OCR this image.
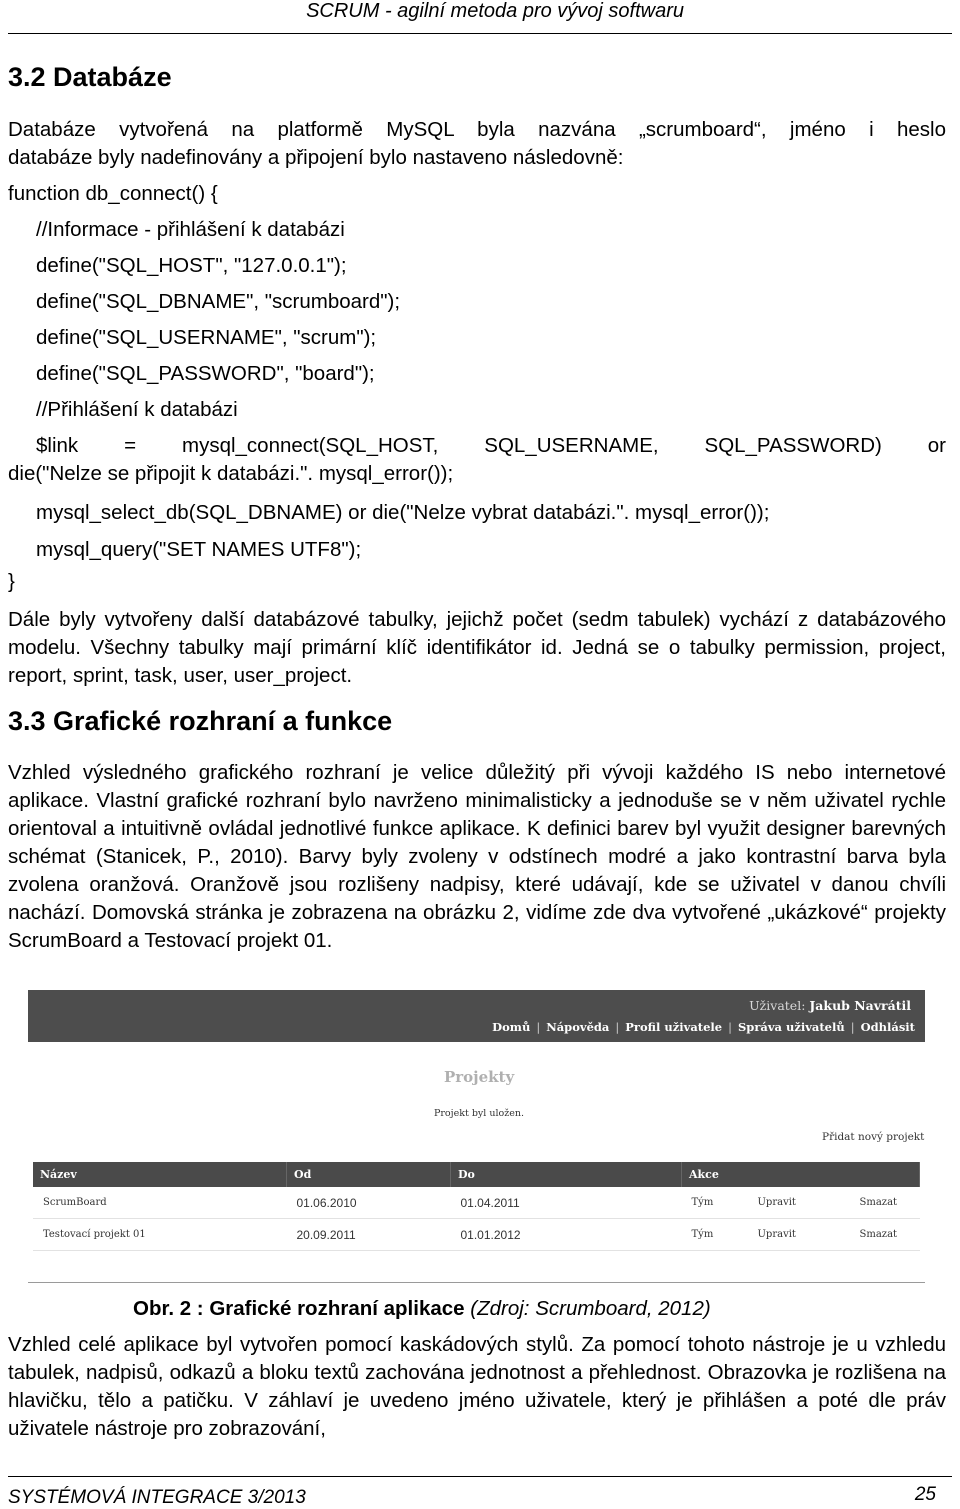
SCRUM - agilní metoda pro vývoj softwaru
3.2 Databáze
Databáze vytvořená na platformě MySQL byla nazvána „scrumboard“, jméno i heslo
databáze byly nadefinovány a připojení bylo nastaveno následovně:
function db_connect() {
//Informace - přihlášení k databázi
define("SQL_HOST", "127.0.0.1");
define("SQL_DBNAME", "scrumboard");
define("SQL_USERNAME", "scrum");
define("SQL_PASSWORD", "board");
//Přihlášení k databázi
$link = mysql_connect(SQL_HOST, SQL_USERNAME, SQL_PASSWORD) or
die("Nelze se připojit k databázi.". mysql_error());
mysql_select_db(SQL_DBNAME) or die("Nelze vybrat databázi.". mysql_error());
mysql_query("SET NAMES UTF8");
}
Dále byly vytvořeny další databázové tabulky, jejichž počet (sedm tabulek) vychází z databázového modelu. Všechny tabulky mají primární klíč identifikátor id. Jedná se o tabulky permission, project, report, sprint, task, user, user_project.
3.3 Grafické rozhraní a funkce
Vzhled výsledného grafického rozhraní je velice důležitý při vývoji každého IS nebo internetové aplikace. Vlastní grafické rozhraní bylo navrženo minimalisticky a jednoduše se v něm uživatel rychle orientoval a intuitivně ovládal jednotlivé funkce aplikace. K definici barev byl využit designer barevných schémat (Stanicek, P., 2010). Barvy byly zvoleny v odstínech modré a jako kontrastní barva byla zvolena oranžová. Oranžově jsou rozlišeny nadpisy, které udávají, kde se uživatel v danou chvíli nachází. Domovská stránka je zobrazena na obrázku 2, vidíme zde dva vytvořené „ukázkové“ projekty ScrumBoard a Testovací projekt 01.
Uživatel: Jakub Navrátil
Domů | Nápověda | Profil uživatele | Správa uživatelů | Odhlásit
Projekty
Projekt byl uložen.
Přidat nový projekt
Název	Od	Do	Akce		
ScrumBoard	01.06.2010	01.04.2011	Tým	Upravit	Smazat
Testovací projekt 01	20.09.2011	01.01.2012	Tým	Upravit	Smazat
Obr. 2 : Grafické rozhraní aplikace (Zdroj: Scrumboard, 2012)
Vzhled celé aplikace byl vytvořen pomocí kaskádových stylů. Za pomocí tohoto nástroje je u vzhledu tabulek, nadpisů, odkazů a bloku textů zachována jednotnost a přehlednost. Obrazovka je rozlišena na hlavičku, tělo a patičku. V záhlaví je uvedeno jméno uživatele, který je přihlášen a poté dle práv uživatele nástroje pro zobrazování,
SYSTÉMOVÁ INTEGRACE 3/2013	25
